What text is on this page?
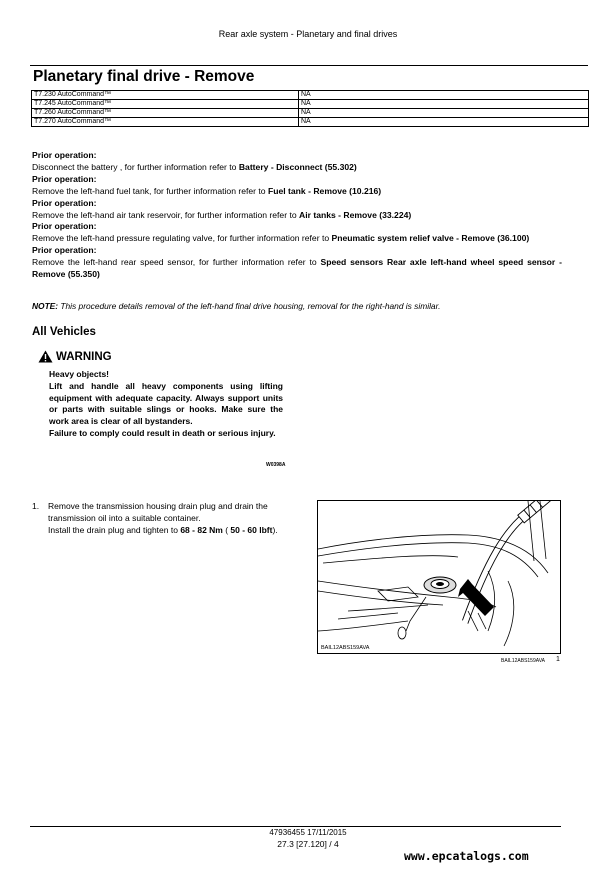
Rear axle system - Planetary and final drives
Planetary final drive - Remove
T7.230 AutoCommand™	NA
T7.245 AutoCommand™	NA
T7.260 AutoCommand™	NA
T7.270 AutoCommand™	NA
Prior operation:

Disconnect the battery , for further information refer to Battery - Disconnect (55.302)

Prior operation:

Remove the left-hand fuel tank, for further information refer to Fuel tank - Remove (10.216)

Prior operation:

Remove the left-hand air tank reservoir, for further information refer to Air tanks - Remove (33.224)

Prior operation:

Remove the left-hand pressure regulating valve, for further information refer to Pneumatic system relief valve - Remove (36.100)

Prior operation:

Remove the left-hand rear speed sensor, for further information refer to Speed sensors Rear axle left-hand wheel speed sensor - Remove (55.350)

NOTE: This procedure details removal of the left-hand final drive housing, removal for the right-hand is similar.
All Vehicles
WARNING
Heavy objects!
Lift and handle all heavy components using lifting equipment with adequate capacity. Always support units or parts with suitable slings or hooks. Make sure the work area is clear of all bystanders.
Failure to comply could result in death or serious injury.
W0398A
1. Remove the transmission housing drain plug and drain the transmission oil into a suitable container.
Install the drain plug and tighten to 68 - 82 Nm ( 50 - 60 lbft).
BAIL12ABS159AVA
BAIL12ABS159AVA 1
47936455 17/11/2015
27.3 [27.120] / 4
www.epcatalogs.com
